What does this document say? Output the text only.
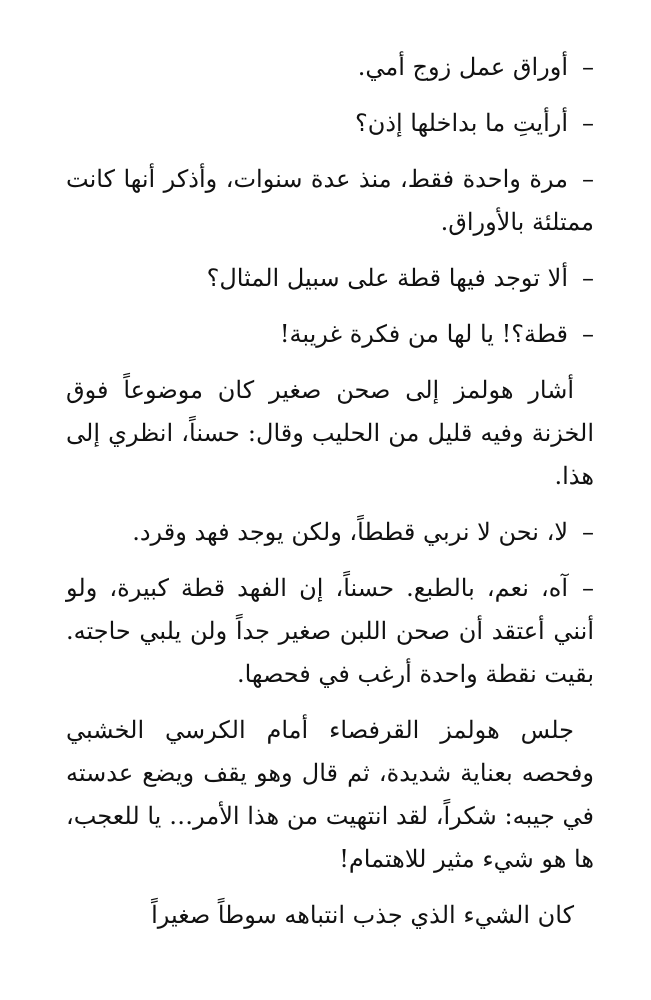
–أوراق عمل زوج أمي.

–أرأيتِ ما بداخلها إذن؟

–مرة واحدة فقط، منذ عدة سنوات، وأذكر أنها كانت ممتلئة بالأوراق.

–ألا توجد فيها قطة على سبيل المثال؟

–قطة؟! يا لها من فكرة غريبة!

أشار هولمز إلى صحن صغير كان موضوعاً فوق الخزنة وفيه قليل من الحليب وقال: حسناً، انظري إلى هذا.

–لا، نحن لا نربي قططاً، ولكن يوجد فهد وقرد.

–آه، نعم، بالطبع. حسناً، إن الفهد قطة كبيرة، ولو أنني أعتقد أن صحن اللبن صغير جداً ولن يلبي حاجته. بقيت نقطة واحدة أرغب في فحصها.

جلس هولمز القرفصاء أمام الكرسي الخشبي وفحصه بعناية شديدة، ثم قال وهو يقف ويضع عدسته في جيبه: شكراً، لقد انتهيت من هذا الأمر… يا للعجب، ها هو شيء مثير للاهتمام!

كان الشيء الذي جذب انتباهه سوطاً صغيراً
